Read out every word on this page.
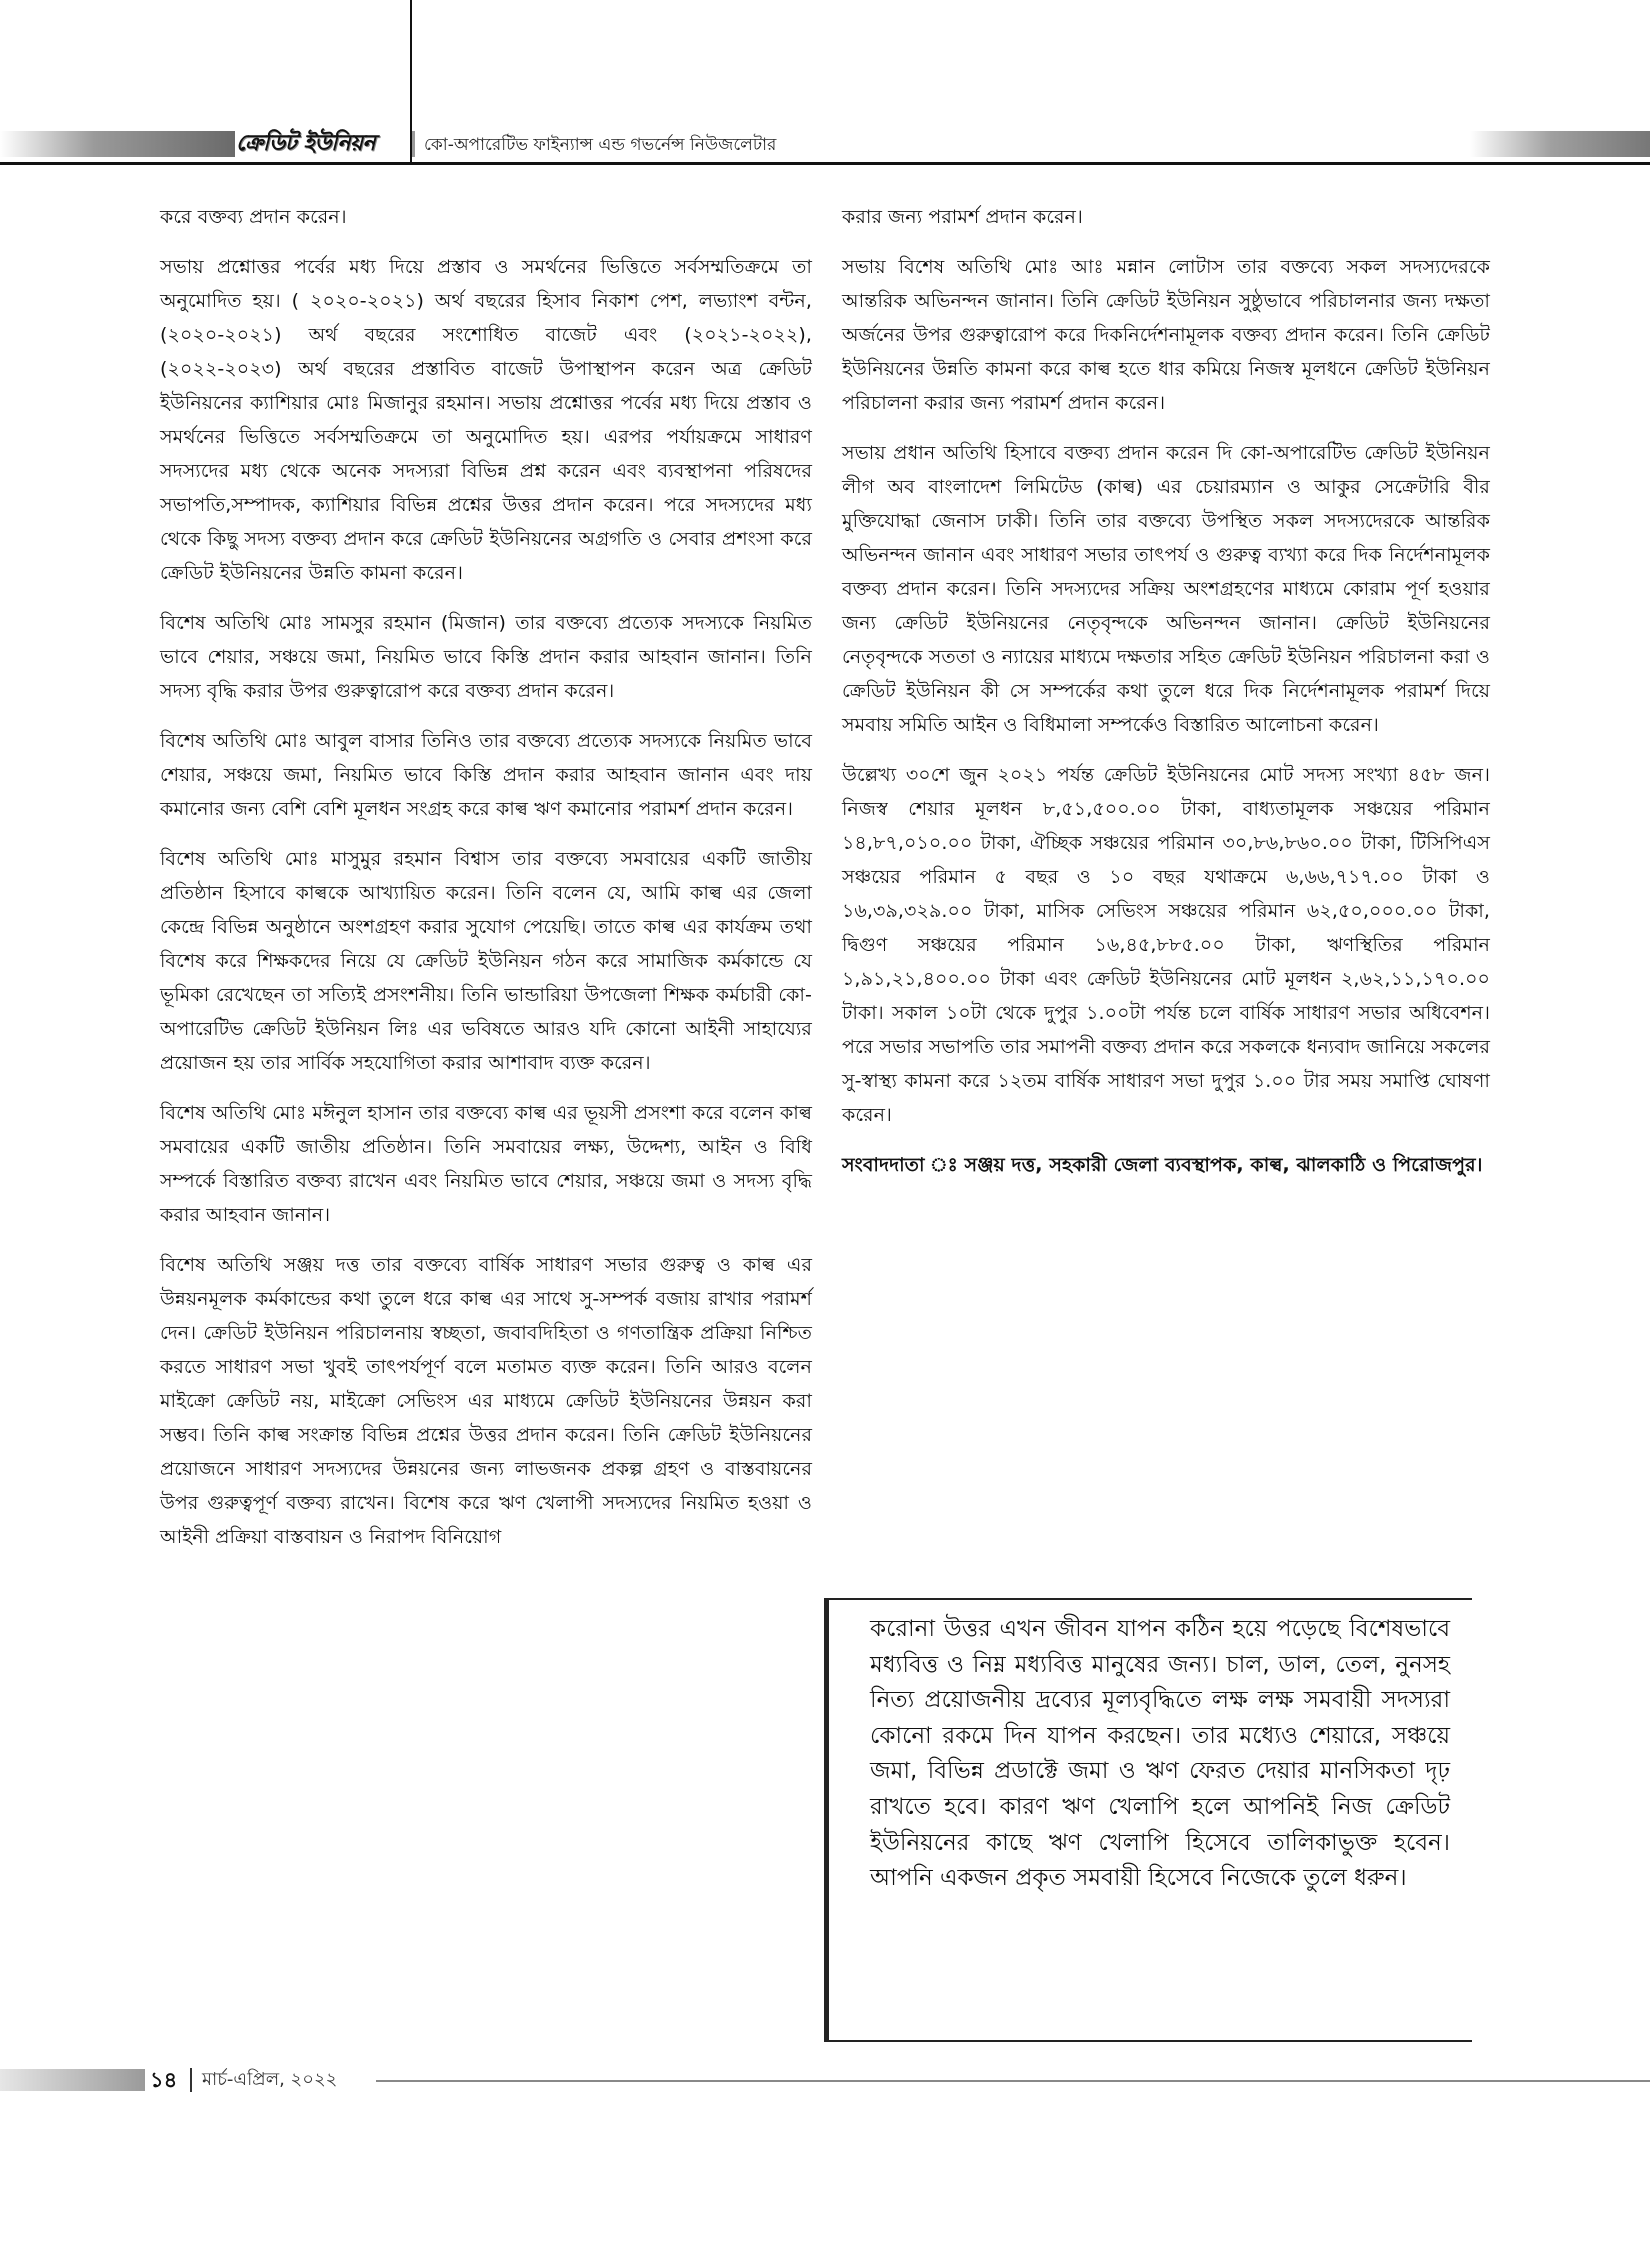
ক্রেডিট ইউনিয়ন	কো-অপারেটিভ ফাইন্যান্স এন্ড গভর্নেন্স নিউজলেটার

করে বক্তব্য প্রদান করেন।

সভায় প্রশ্নোত্তর পর্বের মধ্য দিয়ে প্রস্তাব ও সমর্থনের ভিত্তিতে সর্বসম্মতিক্রমে তা অনুমোদিত হয়। ( ২০২০-২০২১) অর্থ বছরের হিসাব নিকাশ পেশ, লভ্যাংশ বন্টন,(২০২০-২০২১) অর্থ বছরের সংশোধিত বাজেট এবং (২০২১-২০২২), (২০২২-২০২৩) অর্থ বছরের প্রস্তাবিত বাজেট উপাস্থাপন করেন অত্র ক্রেডিট ইউনিয়নের ক্যাশিয়ার মোঃ মিজানুর রহমান। সভায় প্রশ্নোত্তর পর্বের মধ্য দিয়ে প্রস্তাব ও সমর্থনের ভিত্তিতে সর্বসম্মতিক্রমে তা অনুমোদিত হয়। এরপর পর্যায়ক্রমে সাধারণ সদস্যদের মধ্য থেকে অনেক সদস্যরা বিভিন্ন প্রশ্ন করেন এবং ব্যবস্থাপনা পরিষদের সভাপতি,সম্পাদক, ক্যাশিয়ার বিভিন্ন প্রশ্নের উত্তর প্রদান করেন। পরে সদস্যদের মধ্য থেকে কিছু সদস্য বক্তব্য প্রদান করে ক্রেডিট ইউনিয়নের অগ্রগতি ও সেবার প্রশংসা করে ক্রেডিট ইউনিয়নের উন্নতি কামনা করেন।

বিশেষ অতিথি মোঃ সামসুর রহমান (মিজান) তার বক্তব্যে প্রত্যেক সদস্যকে নিয়মিত ভাবে শেয়ার, সঞ্চয়ে জমা, নিয়মিত ভাবে কিস্তি প্রদান করার আহবান জানান। তিনি সদস্য বৃদ্ধি করার উপর গুরুত্বারোপ করে বক্তব্য প্রদান করেন।

বিশেষ অতিথি মোঃ আবুল বাসার তিনিও তার বক্তব্যে প্রত্যেক সদস্যকে নিয়মিত ভাবে শেয়ার, সঞ্চয়ে জমা, নিয়মিত ভাবে কিস্তি প্রদান করার আহবান জানান এবং দায় কমানোর জন্য বেশি বেশি মূলধন সংগ্রহ করে কাল্ব ঋণ কমানোর পরামর্শ প্রদান করেন।

বিশেষ অতিথি মোঃ মাসুমুর রহমান বিশ্বাস তার বক্তব্যে সমবায়ের একটি জাতীয় প্রতিষ্ঠান হিসাবে কাল্বকে আখ্যায়িত করেন। তিনি বলেন যে, আমি কাল্ব এর জেলা কেন্দ্রে বিভিন্ন অনুষ্ঠানে অংশগ্রহণ করার সুযোগ পেয়েছি। তাতে কাল্ব এর কার্যক্রম তথা বিশেষ করে শিক্ষকদের নিয়ে যে ক্রেডিট ইউনিয়ন গঠন করে সামাজিক কর্মকান্ডে যে ভূমিকা রেখেছেন তা সত্যিই প্রসংশনীয়। তিনি ভান্ডারিয়া উপজেলা শিক্ষক কর্মচারী কো-অপারেটিভ ক্রেডিট ইউনিয়ন লিঃ এর ভবিষতে আরও যদি কোনো আইনী সাহায্যের প্রয়োজন হয় তার সার্বিক সহযোগিতা করার আশাবাদ ব্যক্ত করেন।

বিশেষ অতিথি মোঃ মঈনুল হাসান তার বক্তব্যে কাল্ব এর ভূয়সী প্রসংশা করে বলেন কাল্ব সমবায়ের একটি জাতীয় প্রতিষ্ঠান। তিনি সমবায়ের লক্ষ্য, উদ্দেশ্য, আইন ও বিধি সম্পর্কে বিস্তারিত বক্তব্য রাখেন এবং নিয়মিত ভাবে শেয়ার, সঞ্চয়ে জমা ও সদস্য বৃদ্ধি করার আহবান জানান।

বিশেষ অতিথি সঞ্জয় দত্ত তার বক্তব্যে বার্ষিক সাধারণ সভার গুরুত্ব ও কাল্ব এর উন্নয়নমূলক কর্মকান্ডের কথা তুলে ধরে কাল্ব এর সাথে সু-সম্পর্ক বজায় রাখার পরামর্শ দেন। ক্রেডিট ইউনিয়ন পরিচালনায় স্বচ্ছতা, জবাবদিহিতা ও গণতান্ত্রিক প্রক্রিয়া নিশ্চিত করতে সাধারণ সভা খুবই তাৎপর্যপূর্ণ বলে মতামত ব্যক্ত করেন। তিনি আরও বলেন মাইক্রো ক্রেডিট নয়, মাইক্রো সেভিংস এর মাধ্যমে ক্রেডিট ইউনিয়নের উন্নয়ন করা সম্ভব। তিনি কাল্ব সংক্রান্ত বিভিন্ন প্রশ্নের উত্তর প্রদান করেন। তিনি ক্রেডিট ইউনিয়নের প্রয়োজনে সাধারণ সদস্যদের উন্নয়নের জন্য লাভজনক প্রকল্প গ্রহণ ও বাস্তবায়নের উপর গুরুত্বপূর্ণ বক্তব্য রাখেন। বিশেষ করে ঋণ খেলাপী সদস্যদের নিয়মিত হওয়া ও আইনী প্রক্রিয়া বাস্তবায়ন ও নিরাপদ বিনিয়োগ

করার জন্য পরামর্শ প্রদান করেন।

সভায় বিশেষ অতিথি মোঃ আঃ মন্নান লোটাস তার বক্তব্যে সকল সদস্যদেরকে আন্তরিক অভিনন্দন জানান। তিনি ক্রেডিট ইউনিয়ন সুষ্ঠুভাবে পরিচালনার জন্য দক্ষতা অর্জনের উপর গুরুত্বারোপ করে দিকনির্দেশনামূলক বক্তব্য প্রদান করেন। তিনি ক্রেডিট ইউনিয়নের উন্নতি কামনা করে কাল্ব হতে ধার কমিয়ে নিজস্ব মূলধনে ক্রেডিট ইউনিয়ন পরিচালনা করার জন্য পরামর্শ প্রদান করেন।

সভায় প্রধান অতিথি হিসাবে বক্তব্য প্রদান করেন দি কো-অপারেটিভ ক্রেডিট ইউনিয়ন লীগ অব বাংলাদেশ লিমিটেড (কাল্ব) এর চেয়ারম্যান ও আকুর সেক্রেটারি বীর মুক্তিযোদ্ধা জেনাস ঢাকী। তিনি তার বক্তব্যে উপস্থিত সকল সদস্যদেরকে আন্তরিক অভিনন্দন জানান এবং সাধারণ সভার তাৎপর্য ও গুরুত্ব ব্যখ্যা করে দিক নির্দেশনামূলক বক্তব্য প্রদান করেন। তিনি সদস্যদের সক্রিয় অংশগ্রহণের মাধ্যমে কোরাম পূর্ণ হওয়ার জন্য ক্রেডিট ইউনিয়নের নেতৃবৃন্দকে অভিনন্দন জানান। ক্রেডিট ইউনিয়নের নেতৃবৃন্দকে সততা ও ন্যায়ের মাধ্যমে দক্ষতার সহিত ক্রেডিট ইউনিয়ন পরিচালনা করা ও ক্রেডিট ইউনিয়ন কী সে সম্পর্কের কথা তুলে ধরে দিক নির্দেশনামূলক পরামর্শ দিয়ে সমবায় সমিতি আইন ও বিধিমালা সম্পর্কেও বিস্তারিত আলোচনা করেন।

উল্লেখ্য ৩০শে জুন ২০২১ পর্যন্ত ক্রেডিট ইউনিয়নের মোট সদস্য সংখ্যা ৪৫৮ জন। নিজস্ব শেয়ার মূলধন ৮,৫১,৫০০.০০ টাকা, বাধ্যতামূলক সঞ্চয়ের পরিমান ১৪,৮৭,০১০.০০ টাকা, ঐচ্ছিক সঞ্চয়ের পরিমান ৩০,৮৬,৮৬০.০০ টাকা, টিসিপিএস সঞ্চয়ের পরিমান ৫ বছর ও ১০ বছর যথাক্রমে ৬,৬৬,৭১৭.০০ টাকা ও ১৬,৩৯,৩২৯.০০ টাকা, মাসিক সেভিংস সঞ্চয়ের পরিমান ৬২,৫০,০০০.০০ টাকা, দ্বিগুণ সঞ্চয়ের পরিমান ১৬,৪৫,৮৮৫.০০ টাকা, ঋণস্থিতির পরিমান ১,৯১,২১,৪০০.০০ টাকা এবং ক্রেডিট ইউনিয়নের মোট মূলধন ২,৬২,১১,১৭০.০০ টাকা। সকাল ১০টা থেকে দুপুর ১.০০টা পর্যন্ত চলে বার্ষিক সাধারণ সভার অধিবেশন। পরে সভার সভাপতি তার সমাপনী বক্তব্য প্রদান করে সকলকে ধন্যবাদ জানিয়ে সকলের সু-স্বাস্থ্য কামনা করে ১২তম বার্ষিক সাধারণ সভা দুপুর ১.০০ টার সময় সমাপ্তি ঘোষণা করেন।

সংবাদদাতা ঃ সঞ্জয় দত্ত, সহকারী জেলা ব্যবস্থাপক, কাল্ব, ঝালকাঠি ও পিরোজপুর।

করোনা উত্তর এখন জীবন যাপন কঠিন হয়ে পড়েছে বিশেষভাবে মধ্যবিত্ত ও নিম্ন মধ্যবিত্ত মানুষের জন্য। চাল, ডাল, তেল, নুনসহ নিত্য প্রয়োজনীয় দ্রব্যের মূল্যবৃদ্ধিতে লক্ষ লক্ষ সমবায়ী সদস্যরা কোনো রকমে দিন যাপন করছেন। তার মধ্যেও শেয়ারে, সঞ্চয়ে জমা, বিভিন্ন প্রডাক্টে জমা ও ঋণ ফেরত দেয়ার মানসিকতা দৃঢ় রাখতে হবে। কারণ ঋণ খেলাপি হলে আপনিই নিজ ক্রেডিট ইউনিয়নের কাছে ঋণ খেলাপি হিসেবে তালিকাভুক্ত হবেন। আপনি একজন প্রকৃত সমবায়ী হিসেবে নিজেকে তুলে ধরুন।

১৪ মার্চ-এপ্রিল, ২০২২
